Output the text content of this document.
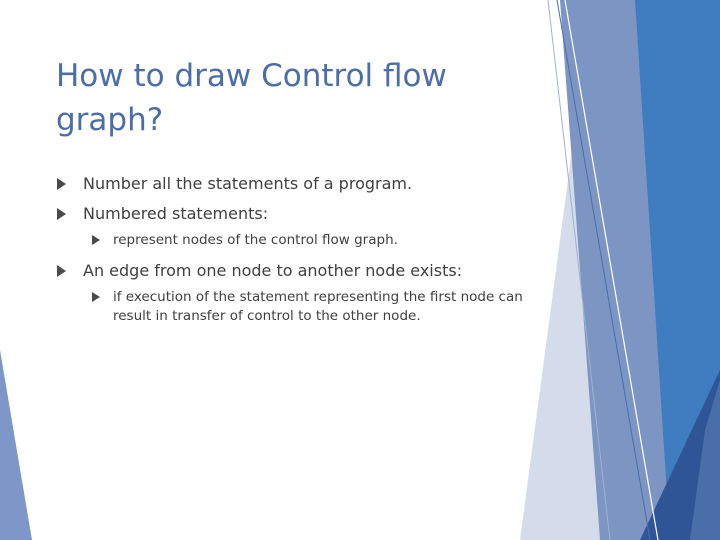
How to draw Control flow graph?
Number all the statements of a program.
Numbered statements:
represent nodes of the control flow graph.
An edge from one node to another node exists:
if execution of the statement representing the first node can result in transfer of control to the other node.
